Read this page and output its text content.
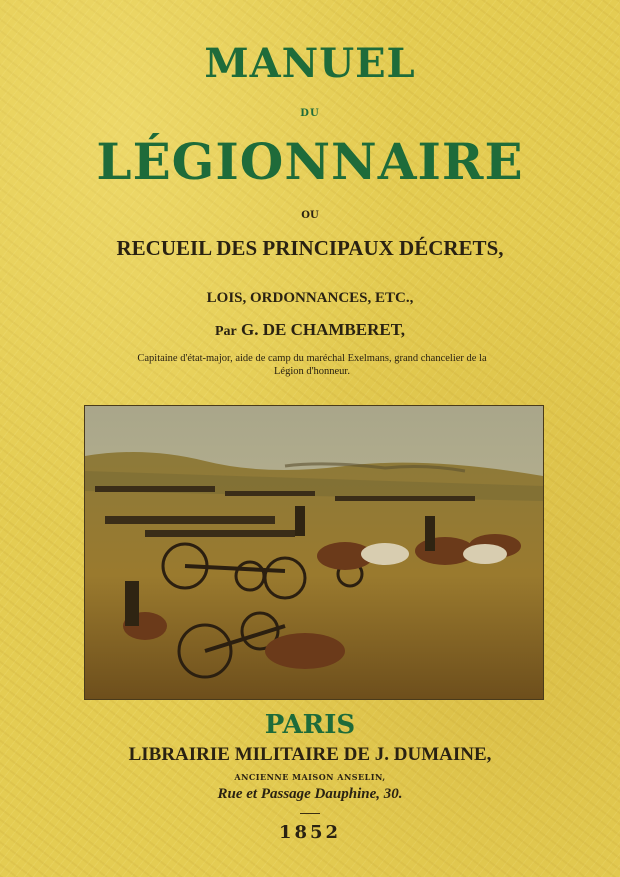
MANUEL
DU
LÉGIONNAIRE
OU
RECUEIL DES PRINCIPAUX DÉCRETS,
LOIS, ORDONNANCES, ETC.,
Par G. DE CHAMBERET,
Capitaine d'état-major, aide de camp du maréchal Exelmans, grand chancelier de la
Légion d'honneur.
PARIS
LIBRAIRIE MILITAIRE DE J. DUMAINE,
ANCIENNE MAISON ANSELIN,
Rue et Passage Dauphine, 30.
1852
